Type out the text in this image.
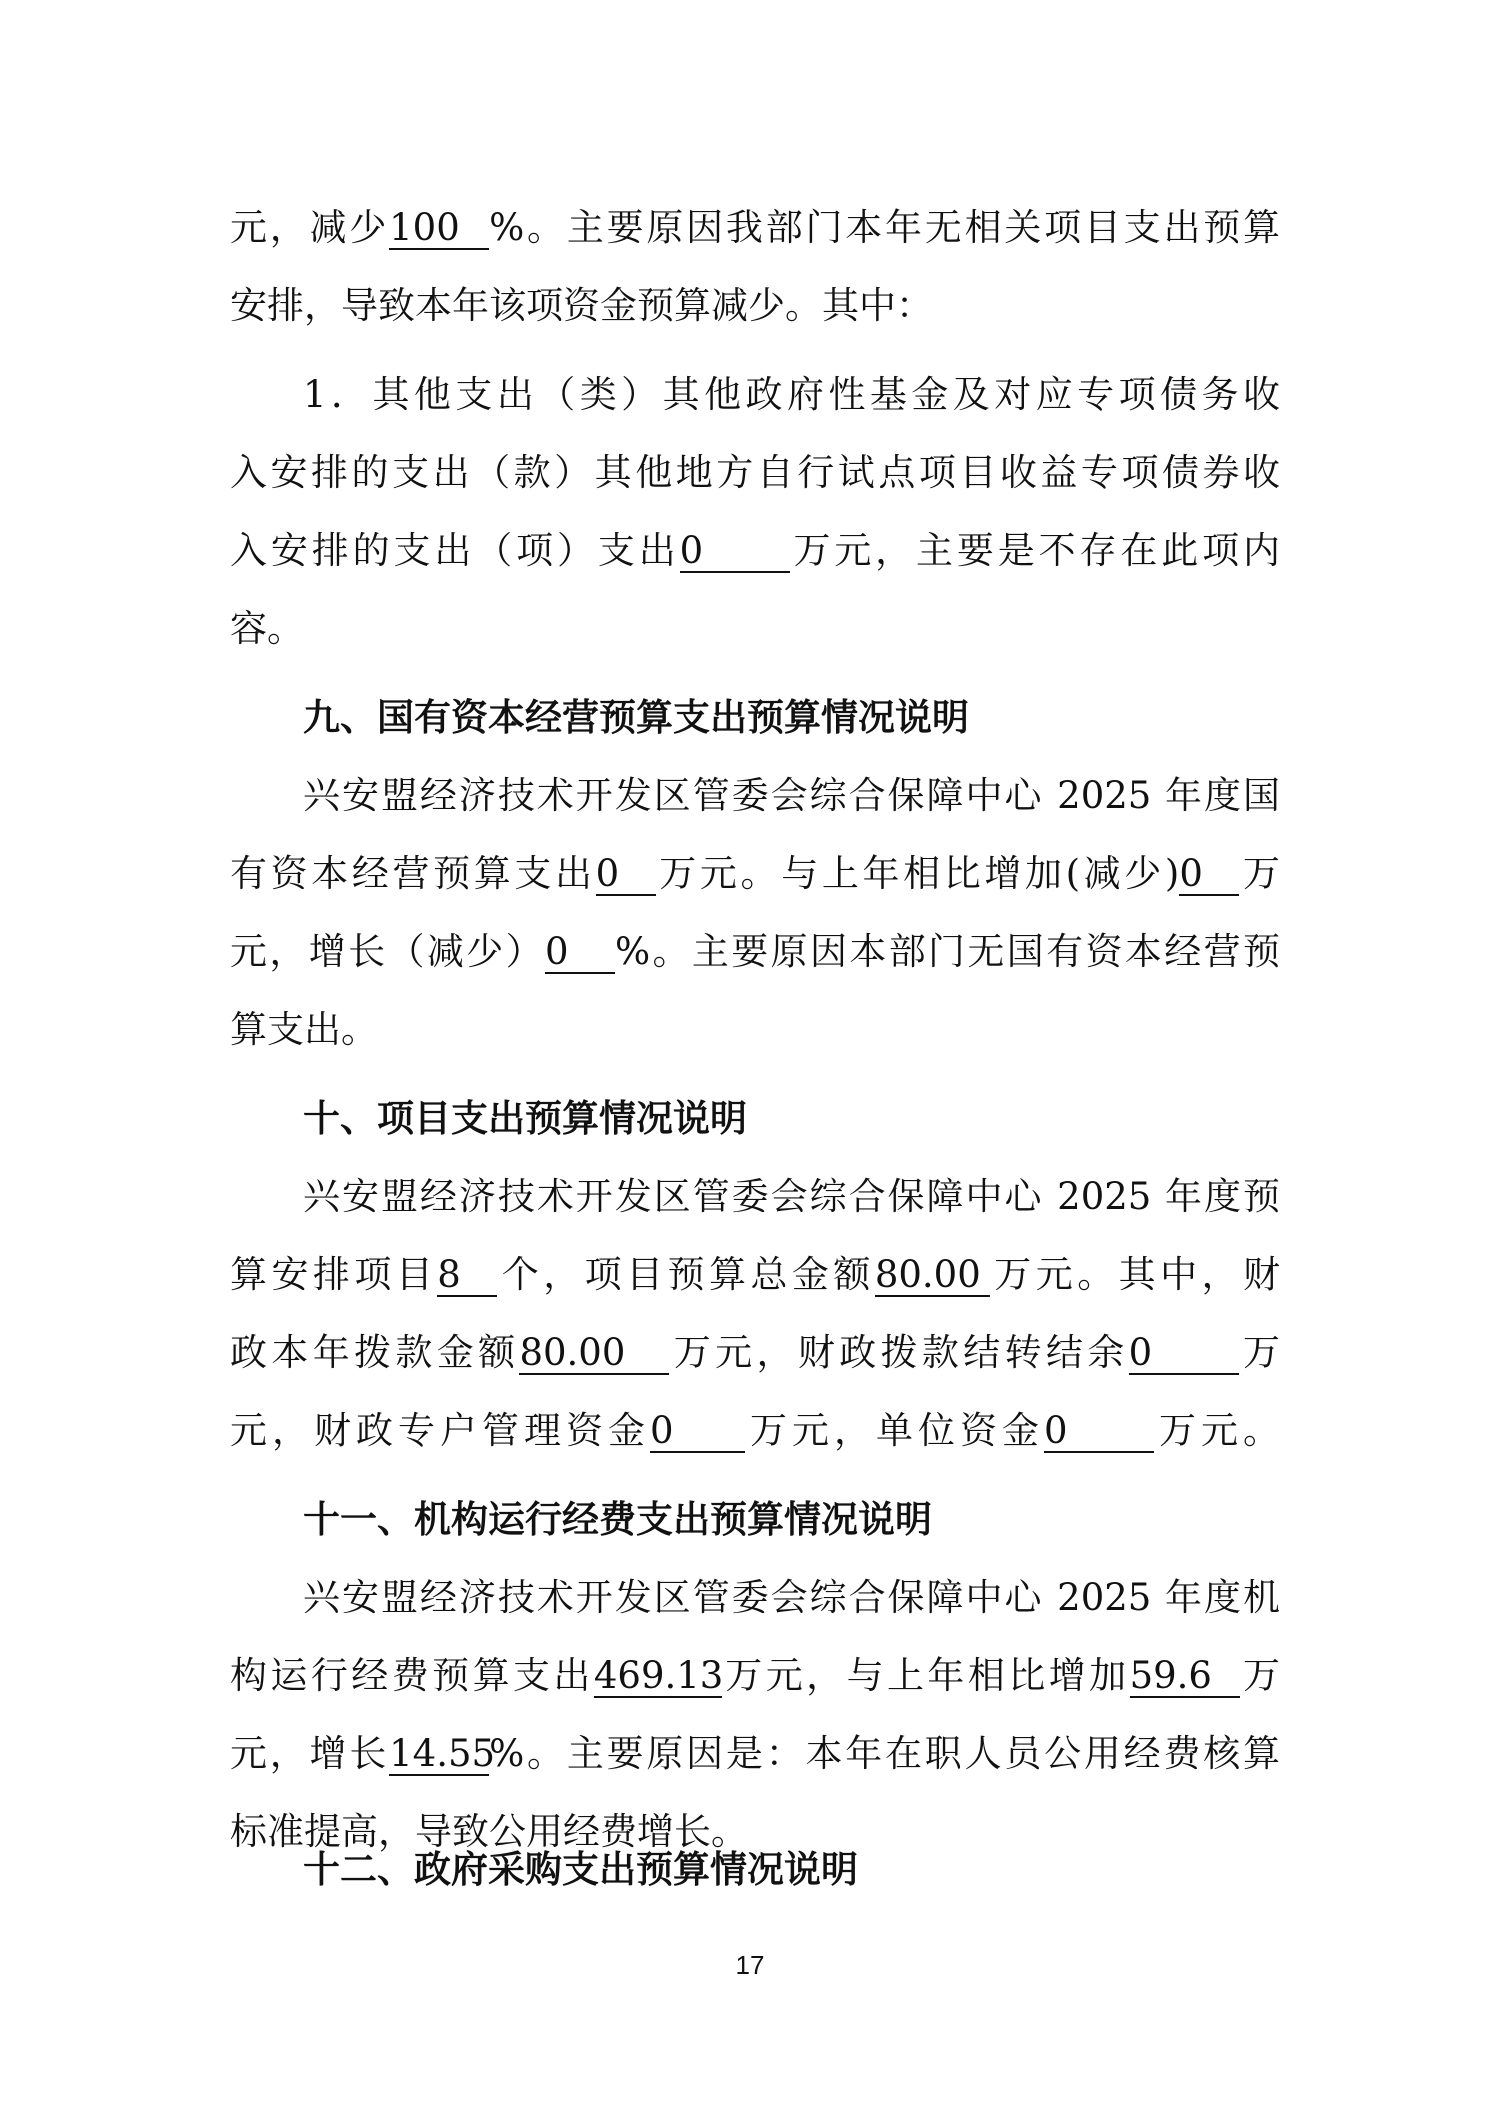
元，减少100 %。主要原因我部门本年无相关项目支出预算
安排，导致本年该项资金预算减少。其中：
1．其他支出（类）其他政府性基金及对应专项债务收
入安排的支出（款）其他地方自行试点项目收益专项债券收
入安排的支出（项）支出0 万元，主要是不存在此项内
容。
九、国有资本经营预算支出预算情况说明
兴安盟经济技术开发区管委会综合保障中心 2025 年度国
有资本经营预算支出0 万元。与上年相比增加(减少)0 万
元，增长（减少）0 %。主要原因本部门无国有资本经营预
算支出。
十、项目支出预算情况说明
兴安盟经济技术开发区管委会综合保障中心 2025 年度预
算安排项目8 个，项目预算总金额80.00 万元。其中，财
政本年拨款金额80.00 万元，财政拨款结转结余0 万
元，财政专户管理资金0 万元，单位资金0 万元。
十一、机构运行经费支出预算情况说明
兴安盟经济技术开发区管委会综合保障中心 2025 年度机
构运行经费预算支出469.13万元，与上年相比增加59.6 万
元，增长14.55%。主要原因是：本年在职人员公用经费核算
标准提高，导致公用经费增长。
十二、政府采购支出预算情况说明
17
